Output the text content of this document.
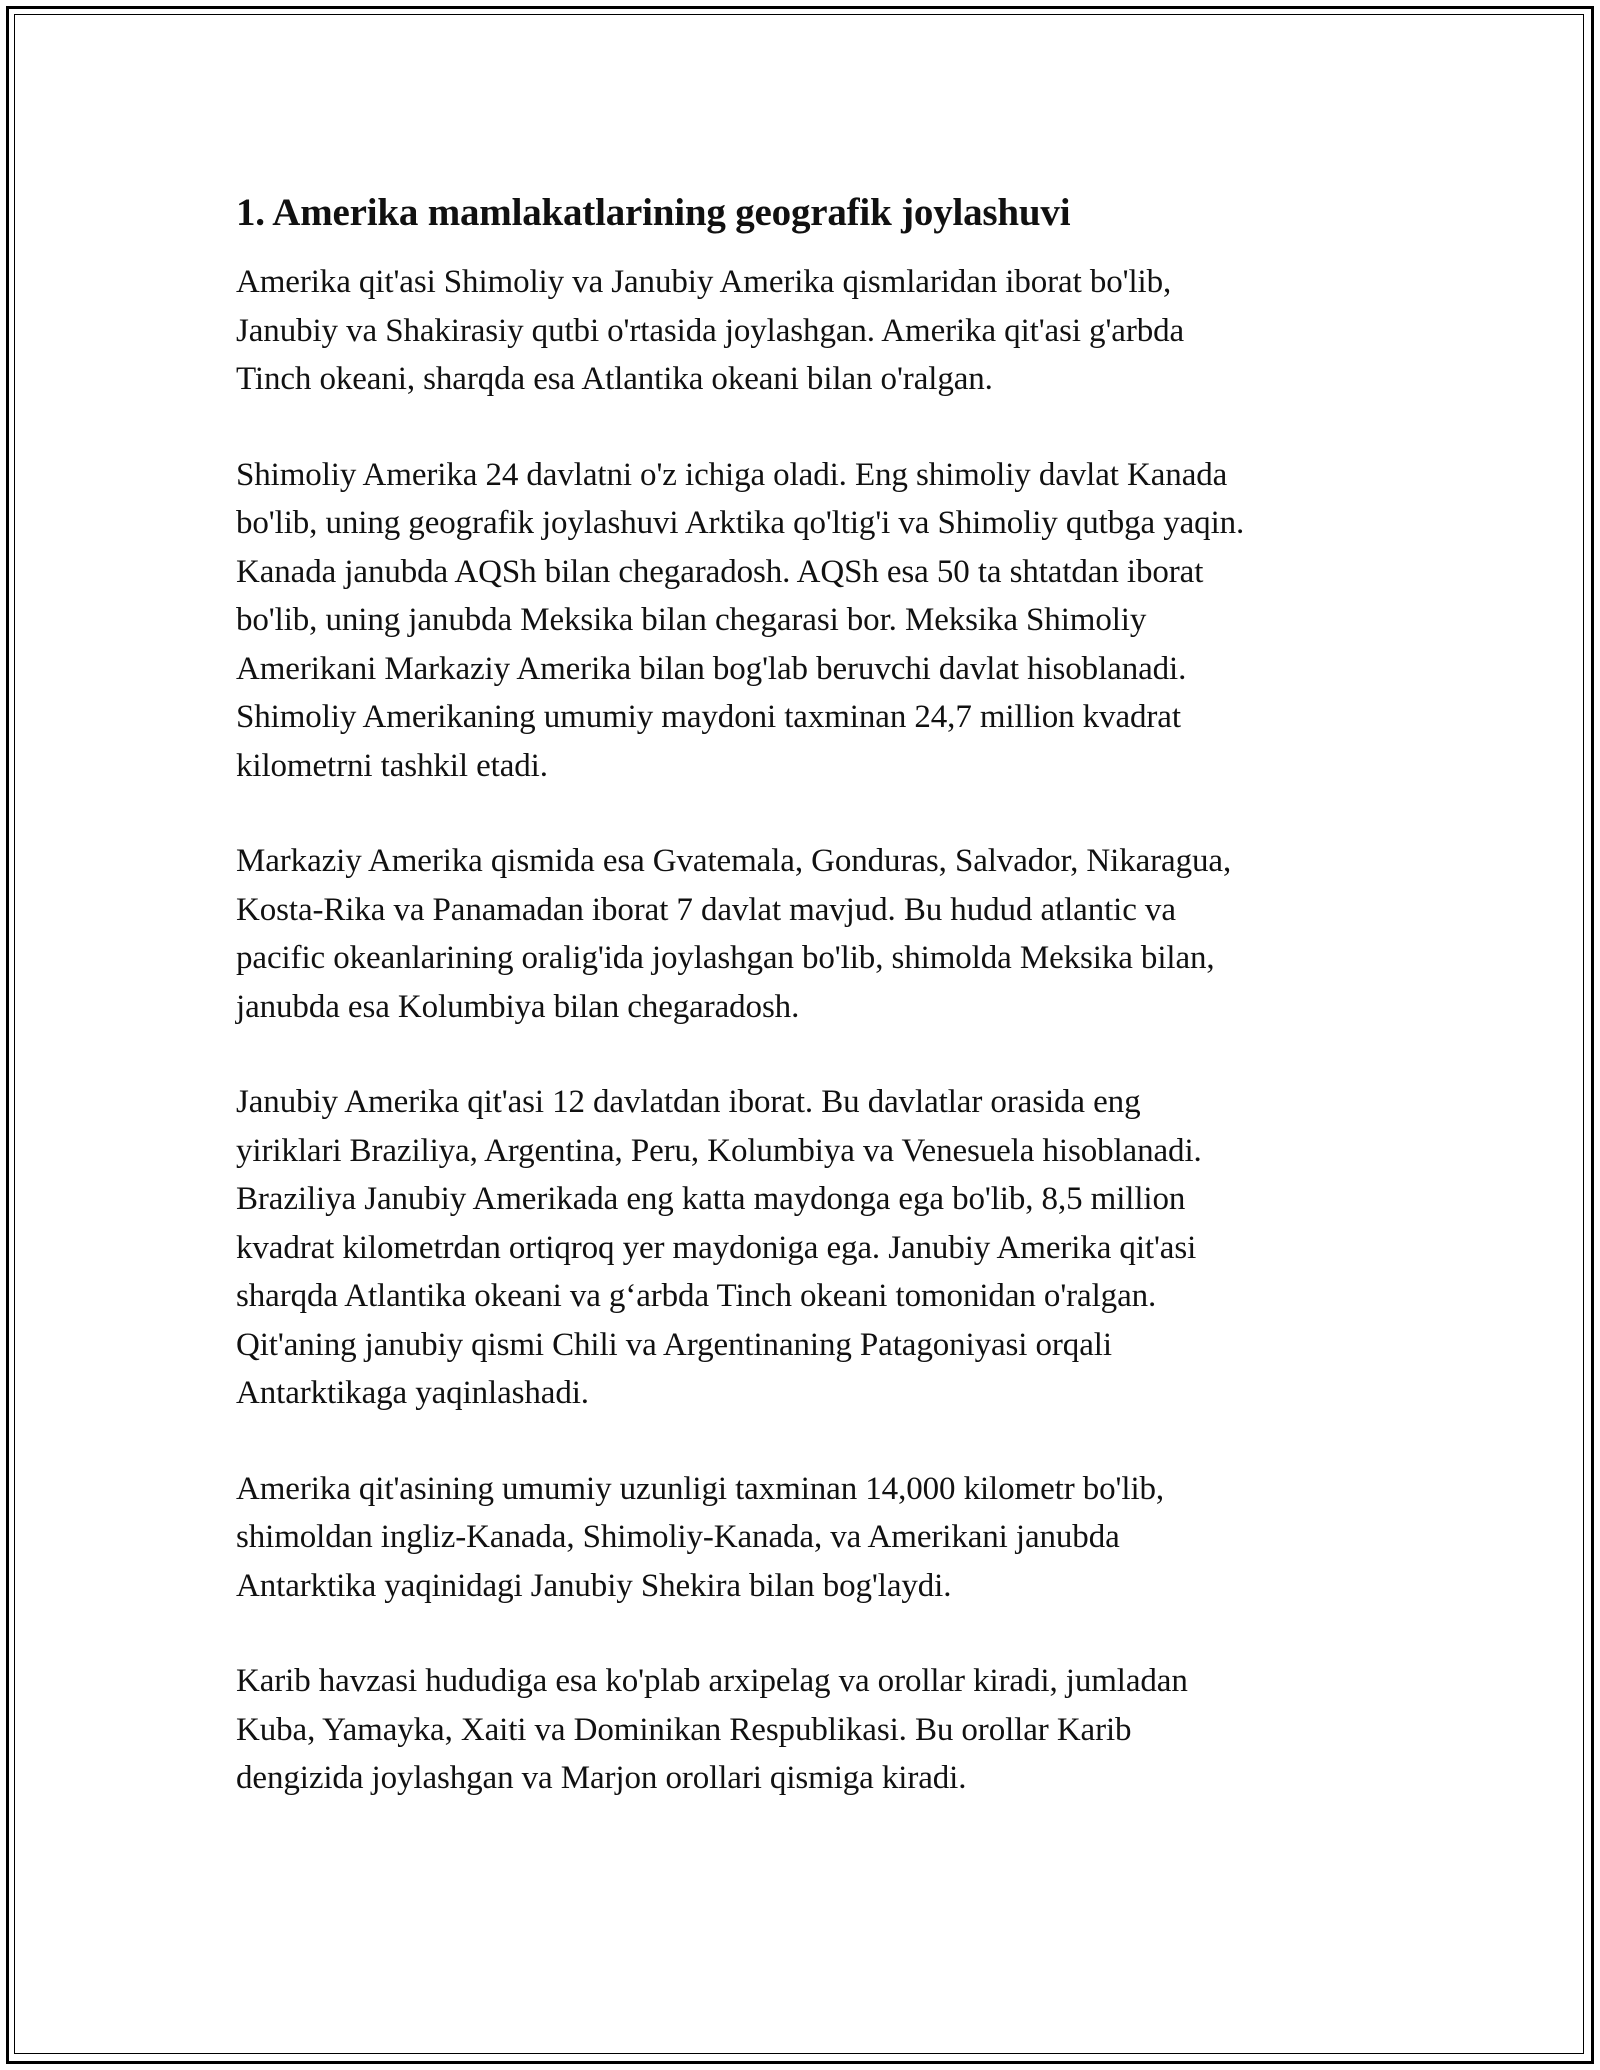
1. Amerika mamlakatlarining geografik joylashuvi

Amerika qit'asi Shimoliy va Janubiy Amerika qismlaridan iborat bo'lib,
Janubiy va Shakirasiy qutbi o'rtasida joylashgan. Amerika qit'asi g'arbda
Tinch okeani, sharqda esa Atlantika okeani bilan o'ralgan.

Shimoliy Amerika 24 davlatni o'z ichiga oladi. Eng shimoliy davlat Kanada
bo'lib, uning geografik joylashuvi Arktika qo'ltig'i va Shimoliy qutbga yaqin.
Kanada janubda AQSh bilan chegaradosh. AQSh esa 50 ta shtatdan iborat
bo'lib, uning janubda Meksika bilan chegarasi bor. Meksika Shimoliy
Amerikani Markaziy Amerika bilan bog'lab beruvchi davlat hisoblanadi.
Shimoliy Amerikaning umumiy maydoni taxminan 24,7 million kvadrat
kilometrni tashkil etadi.

Markaziy Amerika qismida esa Gvatemala, Gonduras, Salvador, Nikaragua,
Kosta-Rika va Panamadan iborat 7 davlat mavjud. Bu hudud atlantic va
pacific okeanlarining oralig'ida joylashgan bo'lib, shimolda Meksika bilan,
janubda esa Kolumbiya bilan chegaradosh.

Janubiy Amerika qit'asi 12 davlatdan iborat. Bu davlatlar orasida eng
yiriklari Braziliya, Argentina, Peru, Kolumbiya va Venesuela hisoblanadi.
Braziliya Janubiy Amerikada eng katta maydonga ega bo'lib, 8,5 million
kvadrat kilometrdan ortiqroq yer maydoniga ega. Janubiy Amerika qit'asi
sharqda Atlantika okeani va g‘arbda Tinch okeani tomonidan o'ralgan.
Qit'aning janubiy qismi Chili va Argentinaning Patagoniyasi orqali
Antarktikaga yaqinlashadi.

Amerika qit'asining umumiy uzunligi taxminan 14,000 kilometr bo'lib,
shimoldan ingliz-Kanada, Shimoliy-Kanada, va Amerikani janubda
Antarktika yaqinidagi Janubiy Shekira bilan bog'laydi.

Karib havzasi hududiga esa ko'plab arxipelag va orollar kiradi, jumladan
Kuba, Yamayka, Xaiti va Dominikan Respublikasi. Bu orollar Karib
dengizida joylashgan va Marjon orollari qismiga kiradi.
